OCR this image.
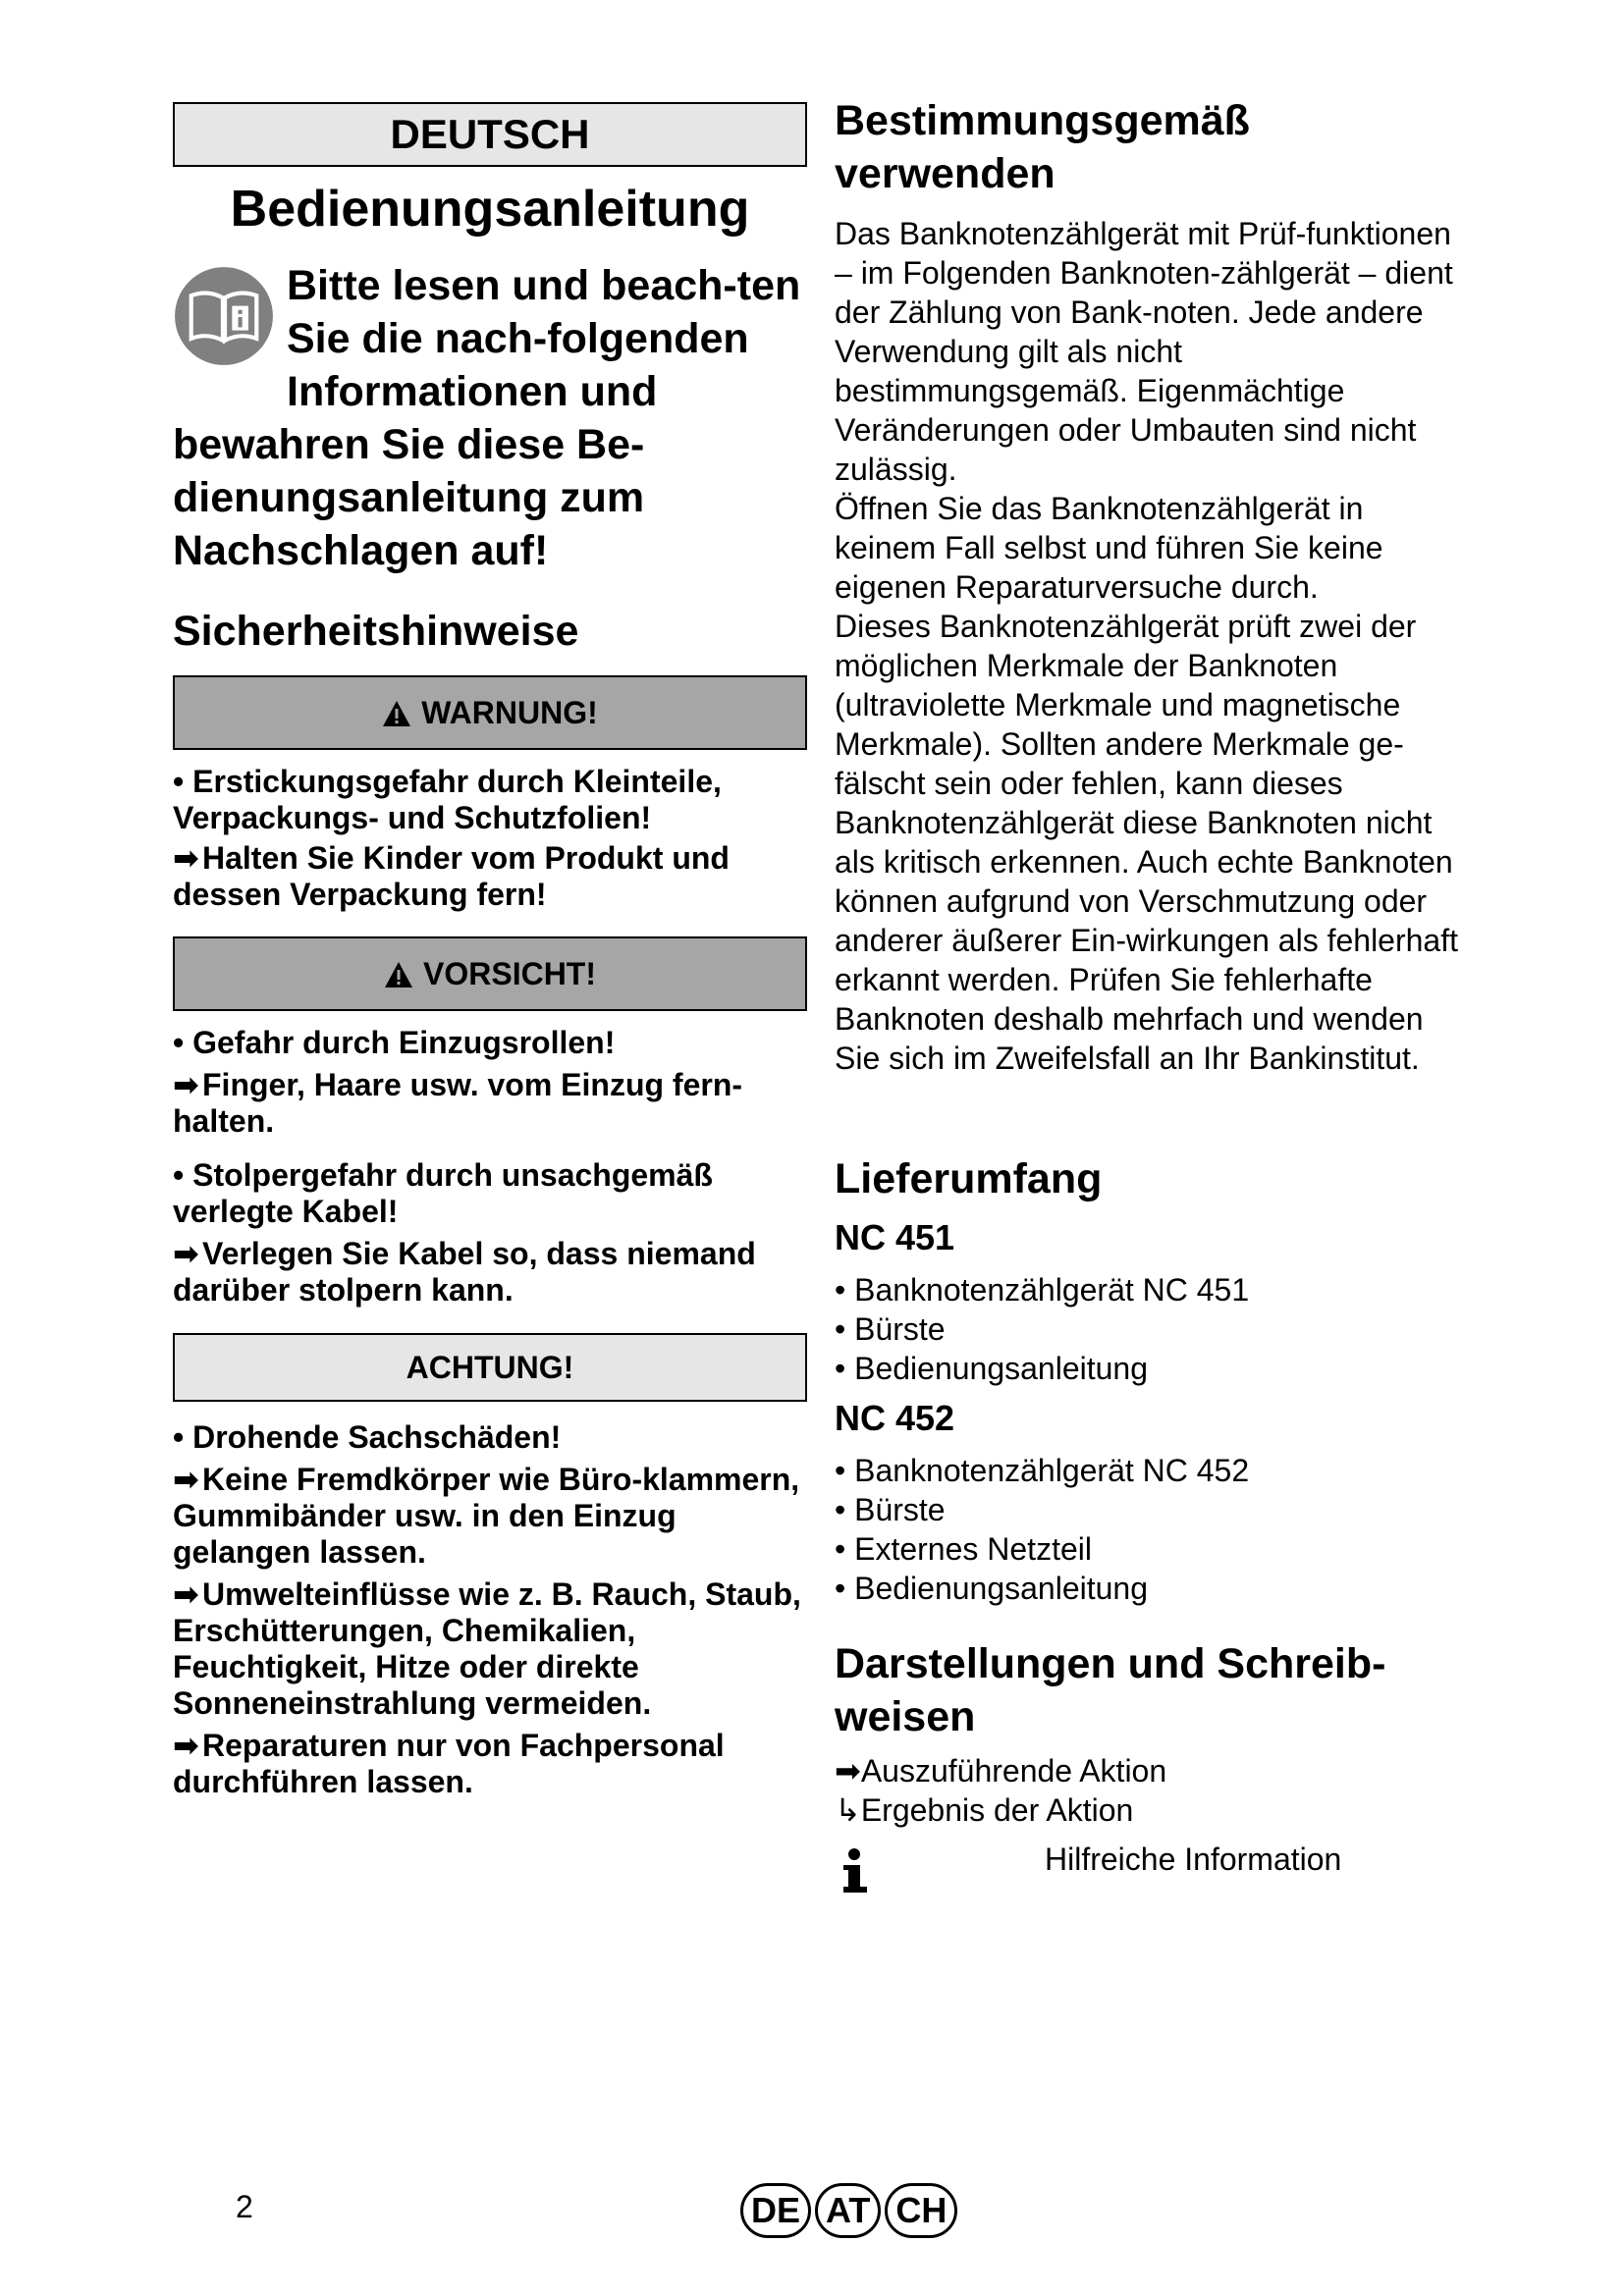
DEUTSCH
Bedienungsanleitung
Bitte lesen und beach-ten Sie die nach-folgenden Informationen und bewahren Sie diese Be-dienungsanleitung zum Nachschlagen auf!
Sicherheitshinweise
WARNUNG!

• Erstickungsgefahr durch Kleinteile, Verpackungs- und Schutzfolien!

➡Halten Sie Kinder vom Produkt und dessen Verpackung fern!

VORSICHT!

• Gefahr durch Einzugsrollen!

➡Finger, Haare usw. vom Einzug fern-halten.

• Stolpergefahr durch unsachgemäß verlegte Kabel!

➡Verlegen Sie Kabel so, dass niemand darüber stolpern kann.

ACHTUNG!

• Drohende Sachschäden!

➡Keine Fremdkörper wie Büro-klammern, Gummibänder usw. in den Einzug gelangen lassen.

➡Umwelteinflüsse wie z. B. Rauch, Staub, Erschütterungen, Chemikalien, Feuchtigkeit, Hitze oder direkte Sonneneinstrahlung vermeiden.

➡Reparaturen nur von Fachpersonal durchführen lassen.

Bestimmungsgemäß verwenden

Das Banknotenzählgerät mit Prüf-funktionen – im Folgenden Banknoten-zählgerät – dient der Zählung von Bank-noten. Jede andere Verwendung gilt als nicht bestimmungsgemäß. Eigenmächtige Veränderungen oder Umbauten sind nicht zulässig.

Öffnen Sie das Banknotenzählgerät in keinem Fall selbst und führen Sie keine eigenen Reparaturversuche durch.

Dieses Banknotenzählgerät prüft zwei der möglichen Merkmale der Banknoten (ultraviolette Merkmale und magnetische Merkmale). Sollten andere Merkmale ge-fälscht sein oder fehlen, kann dieses Banknotenzählgerät diese Banknoten nicht als kritisch erkennen. Auch echte Banknoten können aufgrund von Verschmutzung oder anderer äußerer Ein-wirkungen als fehlerhaft erkannt werden. Prüfen Sie fehlerhafte Banknoten deshalb mehrfach und wenden Sie sich im Zweifelsfall an Ihr Bankinstitut.

Lieferumfang
NC 451
• Banknotenzählgerät NC 451
• Bürste
• Bedienungsanleitung
NC 452
• Banknotenzählgerät NC 452
• Bürste
• Externes Netzteil
• Bedienungsanleitung
Darstellungen und Schreib-weisen

➡Auszuführende Aktion

↳Ergebnis der Aktion

Hilfreiche Information
2	DE AT CH
